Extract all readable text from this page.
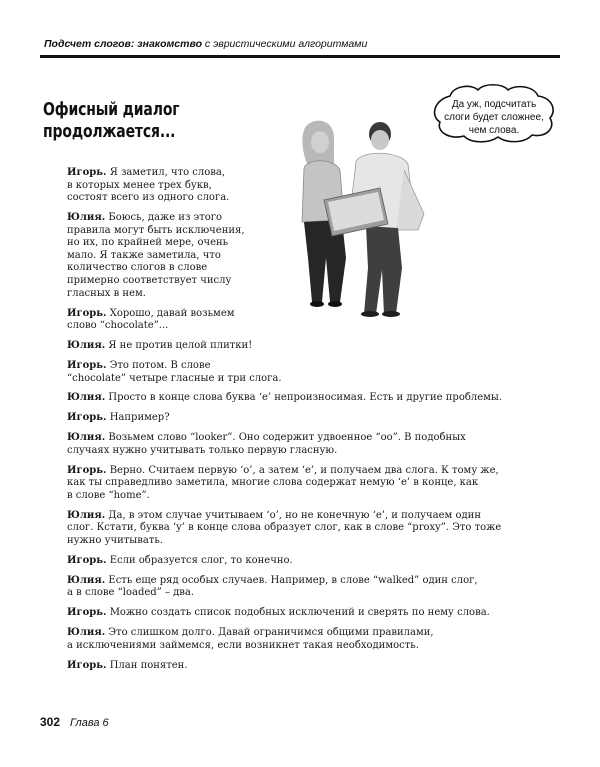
Подсчет слогов: знакомство с эвристическими алгоритмами
Офисный диалог
продолжается...

Да уж, подсчитать
слоги будет сложнее,
чем слова.

Игорь. Я заметил, что слова,
в которых менее трех букв,
состоят всего из одного слога.

Юлия. Боюсь, даже из этого
правила могут быть исключения,
но их, по крайней мере, очень
мало. Я также заметила, что
количество слогов в слове
примерно соответствует числу
гласных в нем.

Игорь. Хорошо, давай возьмем
слово “chocolate”...

Юлия. Я не против целой плитки!

Игорь. Это потом. В слове
“chocolate” четыре гласные и три слога.

Юлия. Просто в конце слова буква ‘e’ непроизносимая. Есть и другие проблемы.

Игорь. Например?

Юлия. Возьмем слово “looker”. Оно содержит удвоенное “oo”. В подобных
случаях нужно учитывать только первую гласную.

Игорь. Верно. Считаем первую ‘o’, а затем ‘e’, и получаем два слога. К тому же,
как ты справедливо заметила, многие слова содержат немую ‘e’ в конце, как
в слове “home”.

Юлия. Да, в этом случае учитываем ‘o’, но не конечную ‘e’, и получаем один
слог. Кстати, буква ‘y’ в конце слова образует слог, как в слове “proxy”. Это тоже
нужно учитывать.

Игорь. Если образуется слог, то конечно.

Юлия. Есть еще ряд особых случаев. Например, в слове “walked” один слог,
а в слове “loaded” – два.

Игорь. Можно создать список подобных исключений и сверять по нему слова.

Юлия. Это слишком долго. Давай ограничимся общими правилами,
а исключениями займемся, если возникнет такая необходимость.

Игорь. План понятен.

302 Глава 6
